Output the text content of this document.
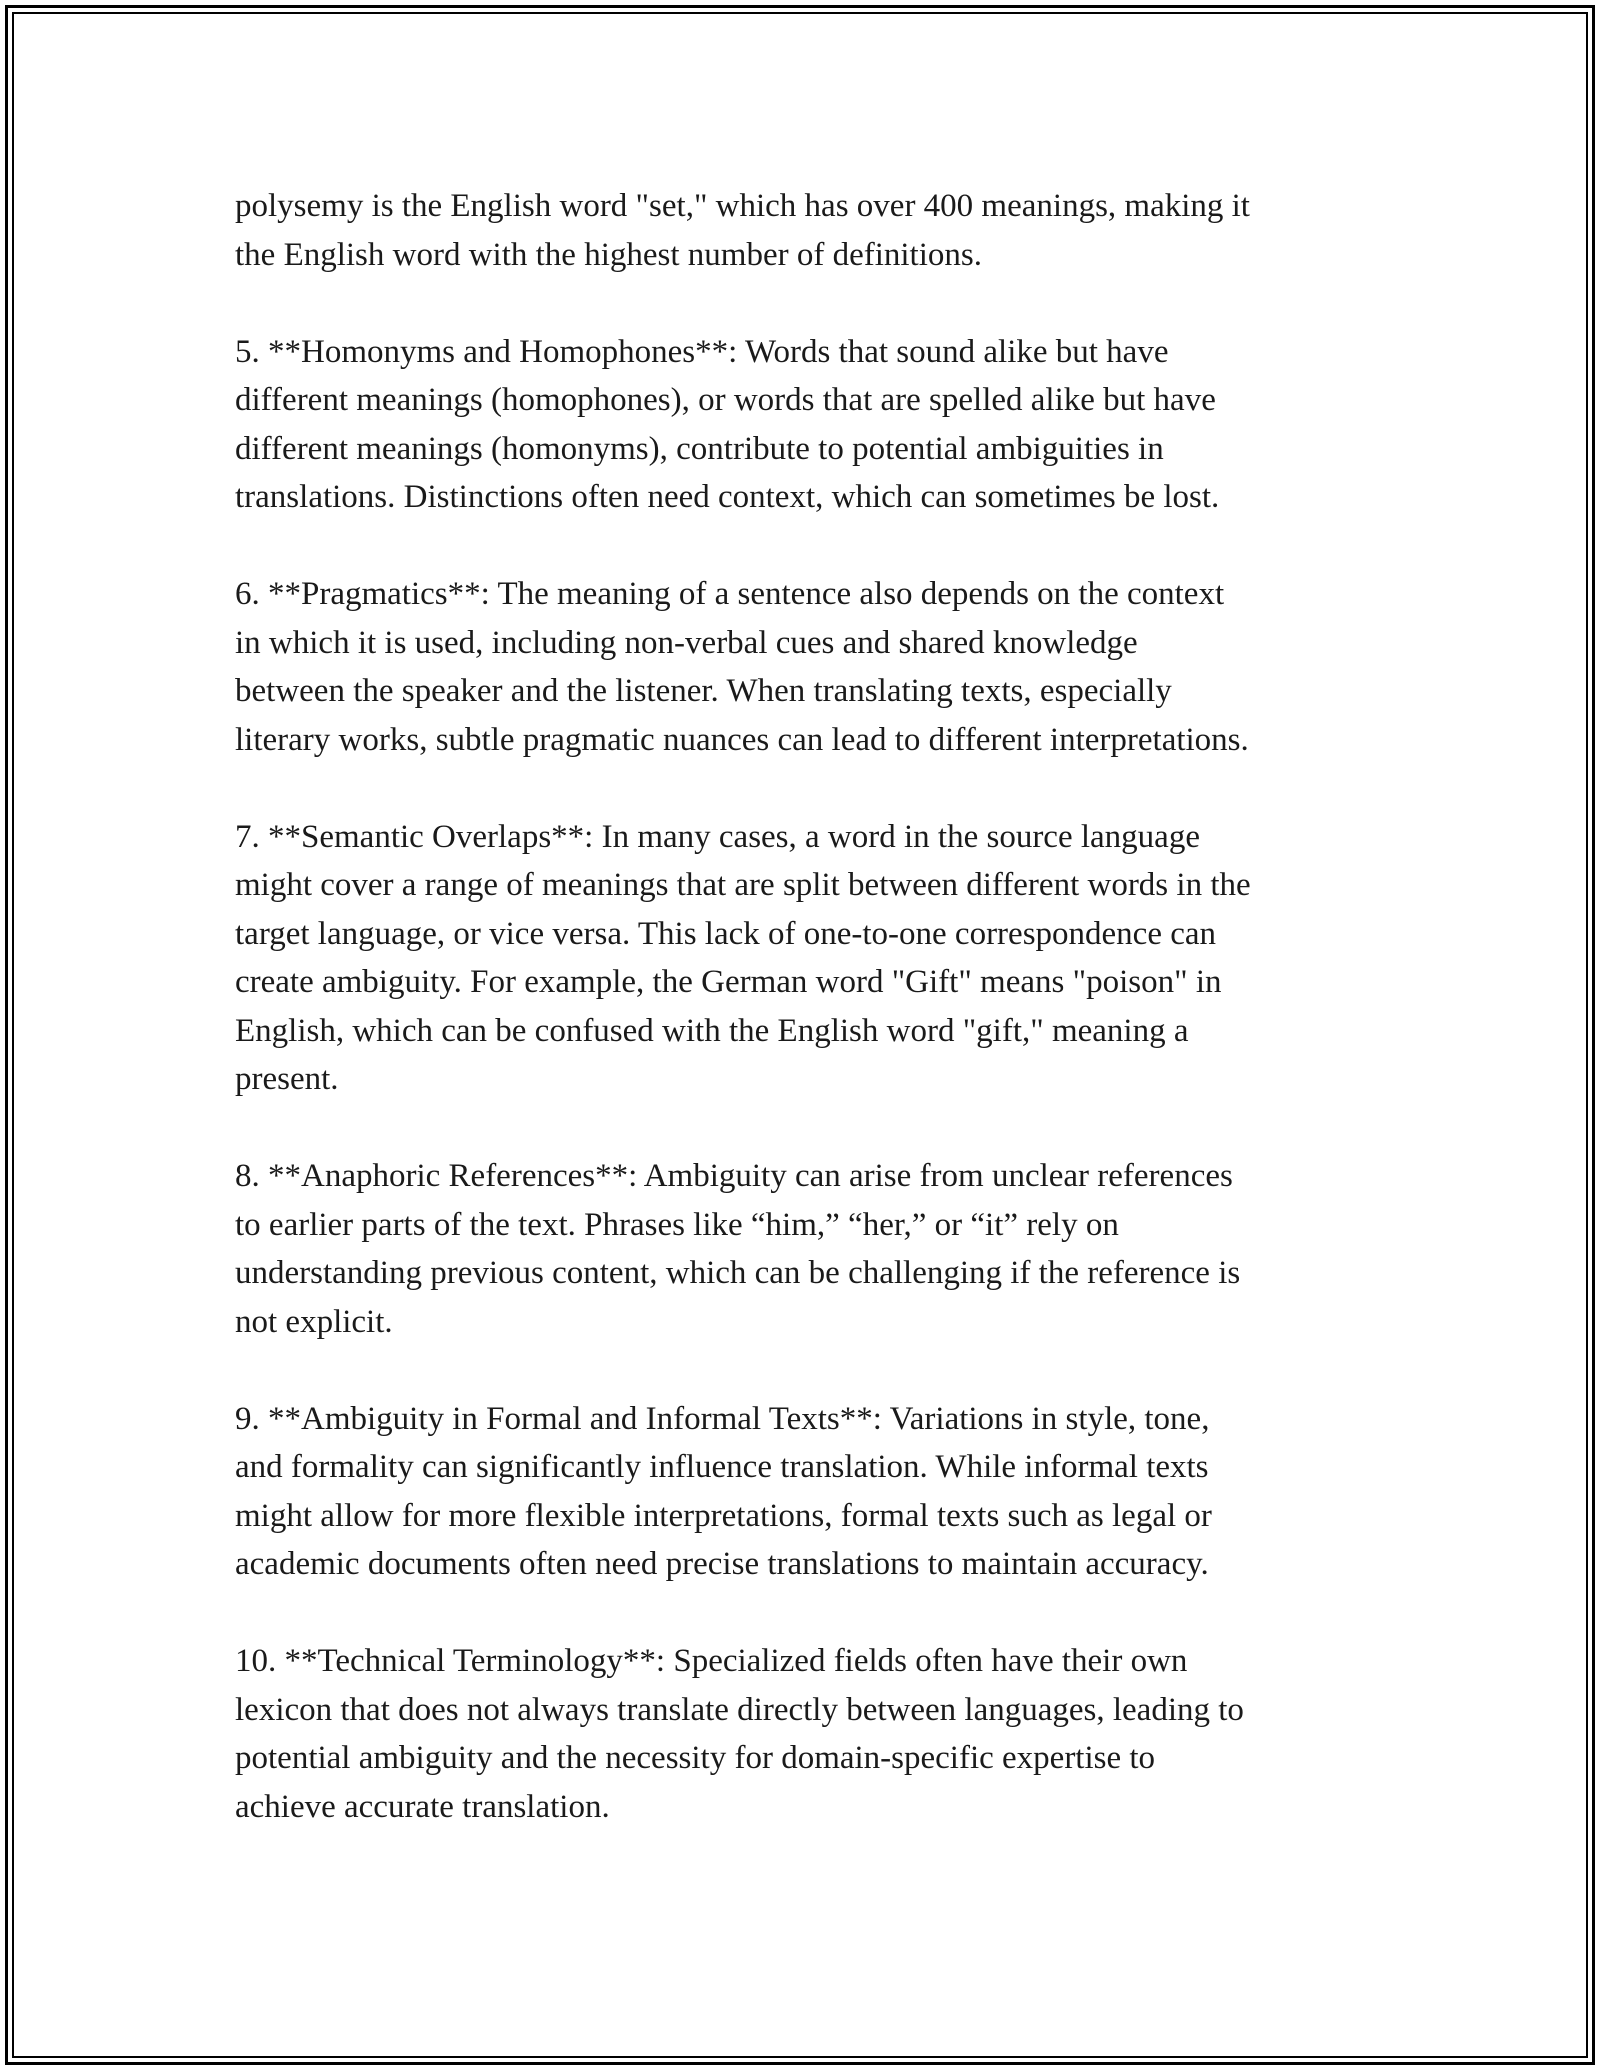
polysemy is the English word "set," which has over 400 meanings, making it
the English word with the highest number of definitions.

5. **Homonyms and Homophones**: Words that sound alike but have
different meanings (homophones), or words that are spelled alike but have
different meanings (homonyms), contribute to potential ambiguities in
translations. Distinctions often need context, which can sometimes be lost.

6. **Pragmatics**: The meaning of a sentence also depends on the context
in which it is used, including non-verbal cues and shared knowledge
between the speaker and the listener. When translating texts, especially
literary works, subtle pragmatic nuances can lead to different interpretations.

7. **Semantic Overlaps**: In many cases, a word in the source language
might cover a range of meanings that are split between different words in the
target language, or vice versa. This lack of one-to-one correspondence can
create ambiguity. For example, the German word "Gift" means "poison" in
English, which can be confused with the English word "gift," meaning a
present.

8. **Anaphoric References**: Ambiguity can arise from unclear references
to earlier parts of the text. Phrases like “him,” “her,” or “it” rely on
understanding previous content, which can be challenging if the reference is
not explicit.

9. **Ambiguity in Formal and Informal Texts**: Variations in style, tone,
and formality can significantly influence translation. While informal texts
might allow for more flexible interpretations, formal texts such as legal or
academic documents often need precise translations to maintain accuracy.

10. **Technical Terminology**: Specialized fields often have their own
lexicon that does not always translate directly between languages, leading to
potential ambiguity and the necessity for domain-specific expertise to
achieve accurate translation.
